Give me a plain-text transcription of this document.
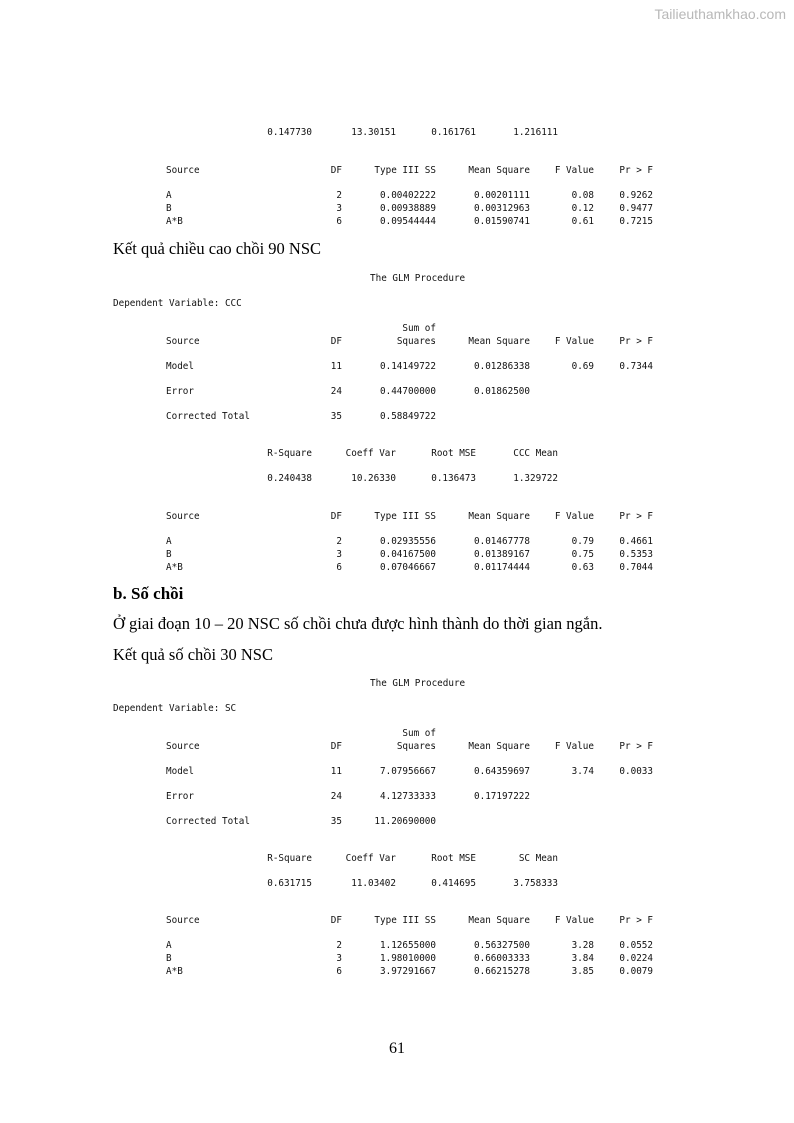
Tailieuthamkhao.com
0.147730	13.30151	0.161761	1.216111
Source	DF	Type III SS	Mean Square	F Value	Pr > F
A	2	0.00402222	0.00201111	0.08	0.9262
B	3	0.00938889	0.00312963	0.12	0.9477
A*B	6	0.09544444	0.01590741	0.61	0.7215
Kết quả chiều cao chồi 90 NSC
The GLM Procedure
Dependent Variable: CCC
Sum of
Source	DF	Squares	Mean Square	F Value	Pr > F
Model	11	0.14149722	0.01286338	0.69	0.7344
Error	24	0.44700000	0.01862500
Corrected Total	35	0.58849722
R-Square	Coeff Var	Root MSE	CCC Mean
0.240438	10.26330	0.136473	1.329722
Source	DF	Type III SS	Mean Square	F Value	Pr > F
A	2	0.02935556	0.01467778	0.79	0.4661
B	3	0.04167500	0.01389167	0.75	0.5353
A*B	6	0.07046667	0.01174444	0.63	0.7044
b. Số chồi
Ở giai đoạn 10 – 20 NSC số chồi chưa được hình thành do thời gian ngắn.
Kết quả số chồi 30 NSC
The GLM Procedure
Dependent Variable: SC
Sum of
Source	DF	Squares	Mean Square	F Value	Pr > F
Model	11	7.07956667	0.64359697	3.74	0.0033
Error	24	4.12733333	0.17197222
Corrected Total	35	11.20690000
R-Square	Coeff Var	Root MSE	SC Mean
0.631715	11.03402	0.414695	3.758333
Source	DF	Type III SS	Mean Square	F Value	Pr > F
A	2	1.12655000	0.56327500	3.28	0.0552
B	3	1.98010000	0.66003333	3.84	0.0224
A*B	6	3.97291667	0.66215278	3.85	0.0079
61
